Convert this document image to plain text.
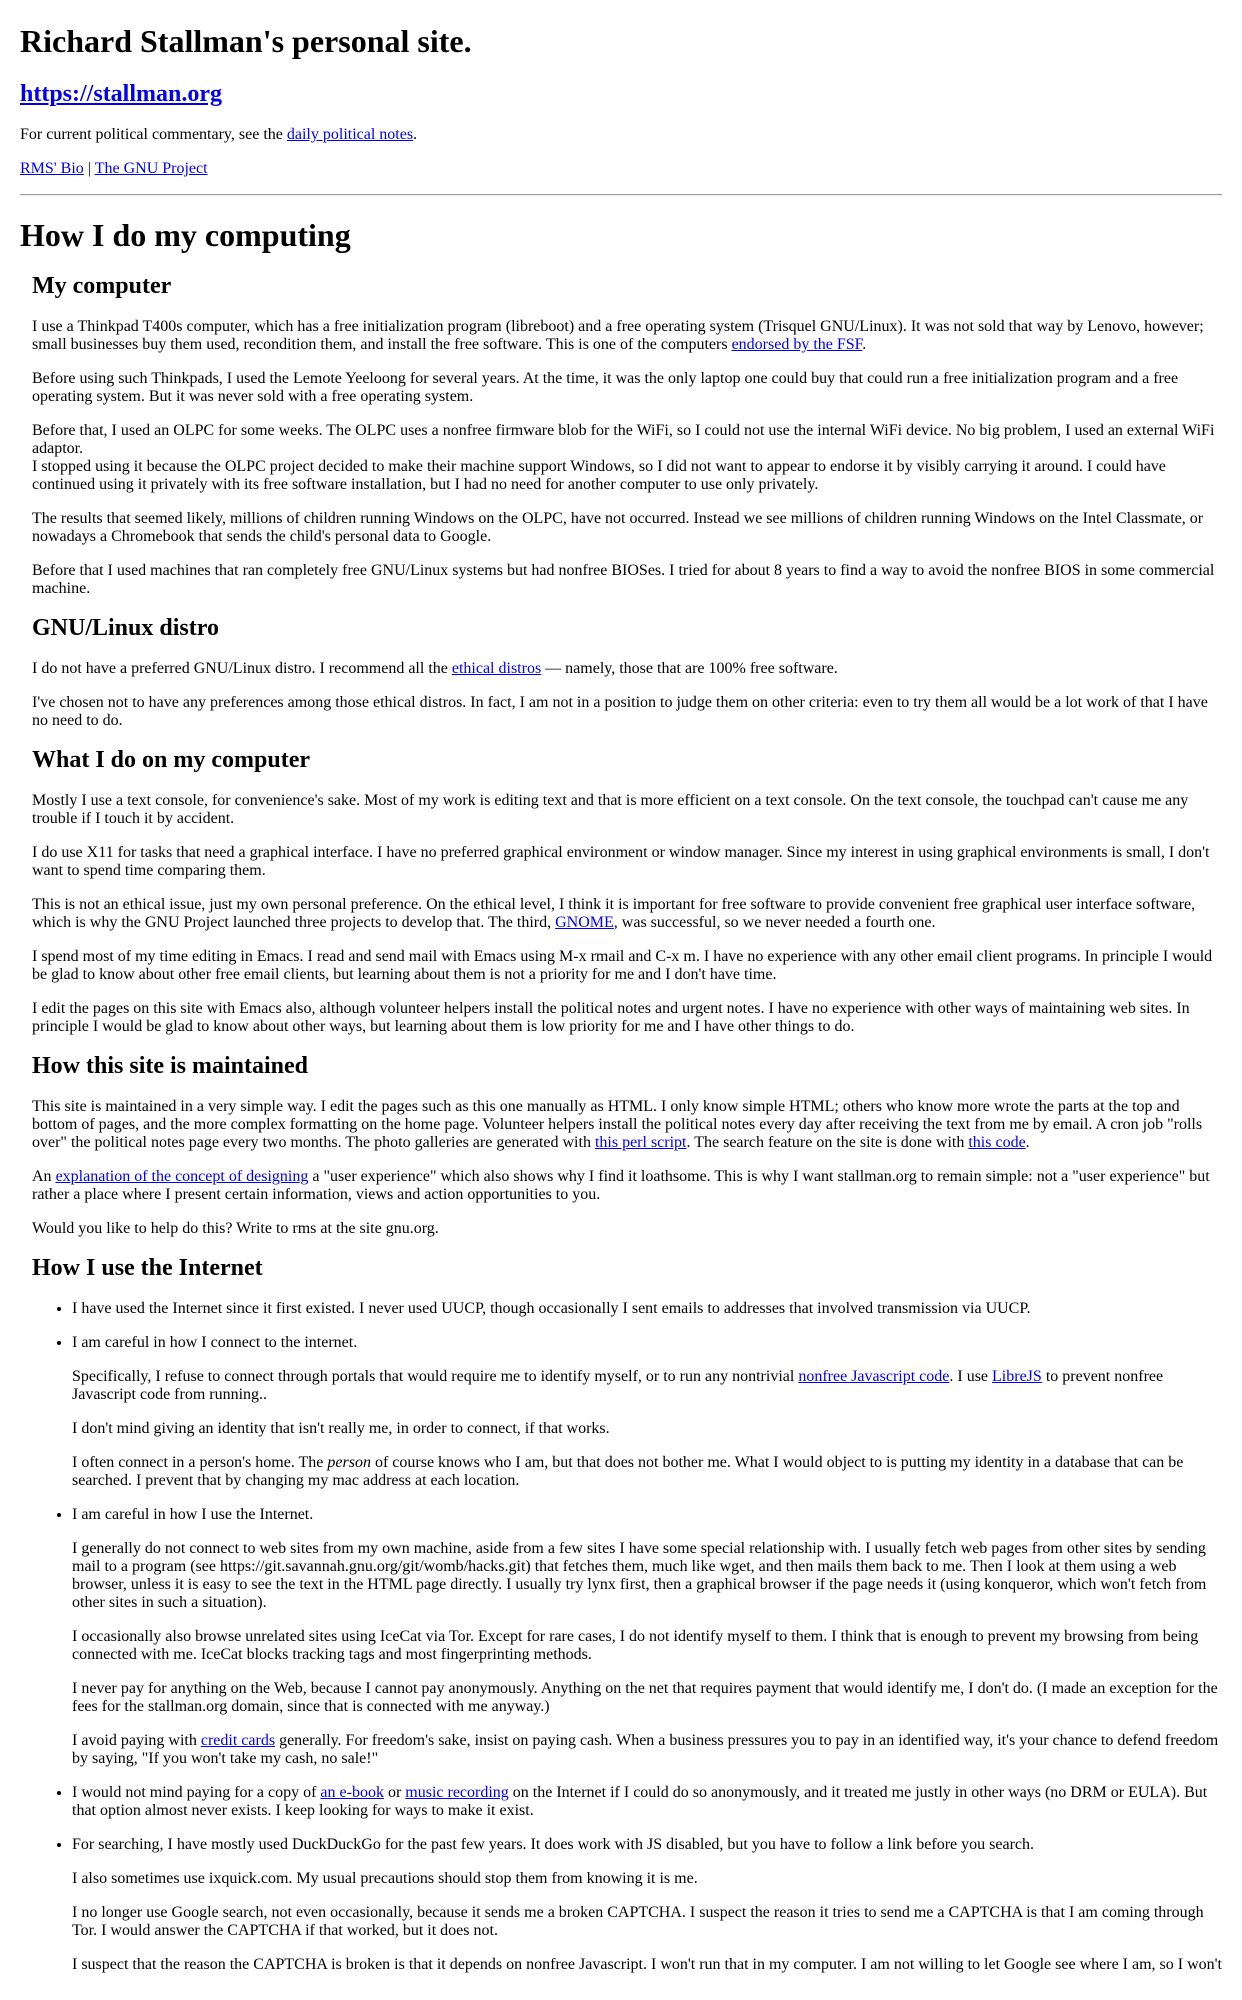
Richard Stallman's personal site.
https://stallman.org

For current political commentary, see the daily political notes.

RMS' Bio | The GNU Project

How I do my computing
My computer

I use a Thinkpad T400s computer, which has a free initialization program (libreboot) and a free operating system (Trisquel GNU/Linux). It was not sold that way by Lenovo, however; small businesses buy them used, recondition them, and install the free software. This is one of the computers endorsed by the FSF.

Before using such Thinkpads, I used the Lemote Yeeloong for several years. At the time, it was the only laptop one could buy that could run a free initialization program and a free operating system. But it was never sold with a free operating system.

Before that, I used an OLPC for some weeks. The OLPC uses a nonfree firmware blob for the WiFi, so I could not use the internal WiFi device. No big problem, I used an external WiFi adaptor.
I stopped using it because the OLPC project decided to make their machine support Windows, so I did not want to appear to endorse it by visibly carrying it around. I could have continued using it privately with its free software installation, but I had no need for another computer to use only privately.

The results that seemed likely, millions of children running Windows on the OLPC, have not occurred. Instead we see millions of children running Windows on the Intel Classmate, or nowadays a Chromebook that sends the child's personal data to Google.

Before that I used machines that ran completely free GNU/Linux systems but had nonfree BIOSes. I tried for about 8 years to find a way to avoid the nonfree BIOS in some commercial machine.

GNU/Linux distro

I do not have a preferred GNU/Linux distro. I recommend all the ethical distros — namely, those that are 100% free software.

I've chosen not to have any preferences among those ethical distros. In fact, I am not in a position to judge them on other criteria: even to try them all would be a lot work of that I have no need to do.

What I do on my computer

Mostly I use a text console, for convenience's sake. Most of my work is editing text and that is more efficient on a text console. On the text console, the touchpad can't cause me any trouble if I touch it by accident.

I do use X11 for tasks that need a graphical interface. I have no preferred graphical environment or window manager. Since my interest in using graphical environments is small, I don't want to spend time comparing them.

This is not an ethical issue, just my own personal preference. On the ethical level, I think it is important for free software to provide convenient free graphical user interface software, which is why the GNU Project launched three projects to develop that. The third, GNOME, was successful, so we never needed a fourth one.

I spend most of my time editing in Emacs. I read and send mail with Emacs using M-x rmail and C-x m. I have no experience with any other email client programs. In principle I would be glad to know about other free email clients, but learning about them is not a priority for me and I don't have time.

I edit the pages on this site with Emacs also, although volunteer helpers install the political notes and urgent notes. I have no experience with other ways of maintaining web sites. In principle I would be glad to know about other ways, but learning about them is low priority for me and I have other things to do.

How this site is maintained

This site is maintained in a very simple way. I edit the pages such as this one manually as HTML. I only know simple HTML; others who know more wrote the parts at the top and bottom of pages, and the more complex formatting on the home page. Volunteer helpers install the political notes every day after receiving the text from me by email. A cron job "rolls over" the political notes page every two months. The photo galleries are generated with this perl script. The search feature on the site is done with this code.

An explanation of the concept of designing a "user experience" which also shows why I find it loathsome. This is why I want stallman.org to remain simple: not a "user experience" but rather a place where I present certain information, views and action opportunities to you.

Would you like to help do this? Write to rms at the site gnu.org.

How I use the Internet
• I have used the Internet since it first existed. I never used UUCP, though occasionally I sent emails to addresses that involved transmission via UUCP.

• I am careful in how I connect to the internet.

Specifically, I refuse to connect through portals that would require me to identify myself, or to run any nontrivial nonfree Javascript code. I use LibreJS to prevent nonfree Javascript code from running..

I don't mind giving an identity that isn't really me, in order to connect, if that works.

I often connect in a person's home. The person of course knows who I am, but that does not bother me. What I would object to is putting my identity in a database that can be searched. I prevent that by changing my mac address at each location.

• I am careful in how I use the Internet.

I generally do not connect to web sites from my own machine, aside from a few sites I have some special relationship with. I usually fetch web pages from other sites by sending mail to a program (see https://git.savannah.gnu.org/git/womb/hacks.git) that fetches them, much like wget, and then mails them back to me. Then I look at them using a web browser, unless it is easy to see the text in the HTML page directly. I usually try lynx first, then a graphical browser if the page needs it (using konqueror, which won't fetch from other sites in such a situation).

I occasionally also browse unrelated sites using IceCat via Tor. Except for rare cases, I do not identify myself to them. I think that is enough to prevent my browsing from being connected with me. IceCat blocks tracking tags and most fingerprinting methods.

I never pay for anything on the Web, because I cannot pay anonymously. Anything on the net that requires payment that would identify me, I don't do. (I made an exception for the fees for the stallman.org domain, since that is connected with me anyway.)

I avoid paying with credit cards generally. For freedom's sake, insist on paying cash. When a business pressures you to pay in an identified way, it's your chance to defend freedom by saying, "If you won't take my cash, no sale!"

• I would not mind paying for a copy of an e-book or music recording on the Internet if I could do so anonymously, and it treated me justly in other ways (no DRM or EULA). But that option almost never exists. I keep looking for ways to make it exist.

• For searching, I have mostly used DuckDuckGo for the past few years. It does work with JS disabled, but you have to follow a link before you search.

I also sometimes use ixquick.com. My usual precautions should stop them from knowing it is me.

I no longer use Google search, not even occasionally, because it sends me a broken CAPTCHA. I suspect the reason it tries to send me a CAPTCHA is that I am coming through Tor. I would answer the CAPTCHA if that worked, but it does not.

I suspect that the reason the CAPTCHA is broken is that it depends on nonfree Javascript. I won't run that in my computer. I am not willing to let Google see where I am, so I won't
